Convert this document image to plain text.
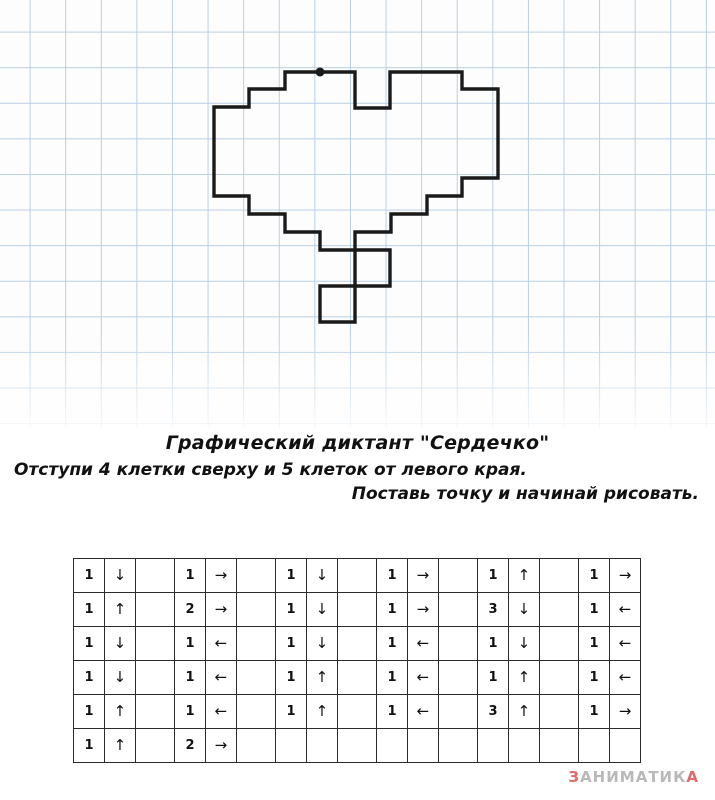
Графический диктант "Сердечко"
Отступи 4 клетки сверху и 5 клеток от левого края.
Поставь точку и начинай рисовать.
1	↓		1	→		1	↓		1	→		1	↑		1	→
1	↑		2	→		1	↓		1	→		3	↓		1	←
1	↓		1	←		1	↓		1	←		1	↓		1	←
1	↓		1	←		1	↑		1	←		1	↑		1	←
1	↑		1	←		1	↑		1	←		3	↑		1	→
1	↑		2	→												
ЗАНИМАТИКА
